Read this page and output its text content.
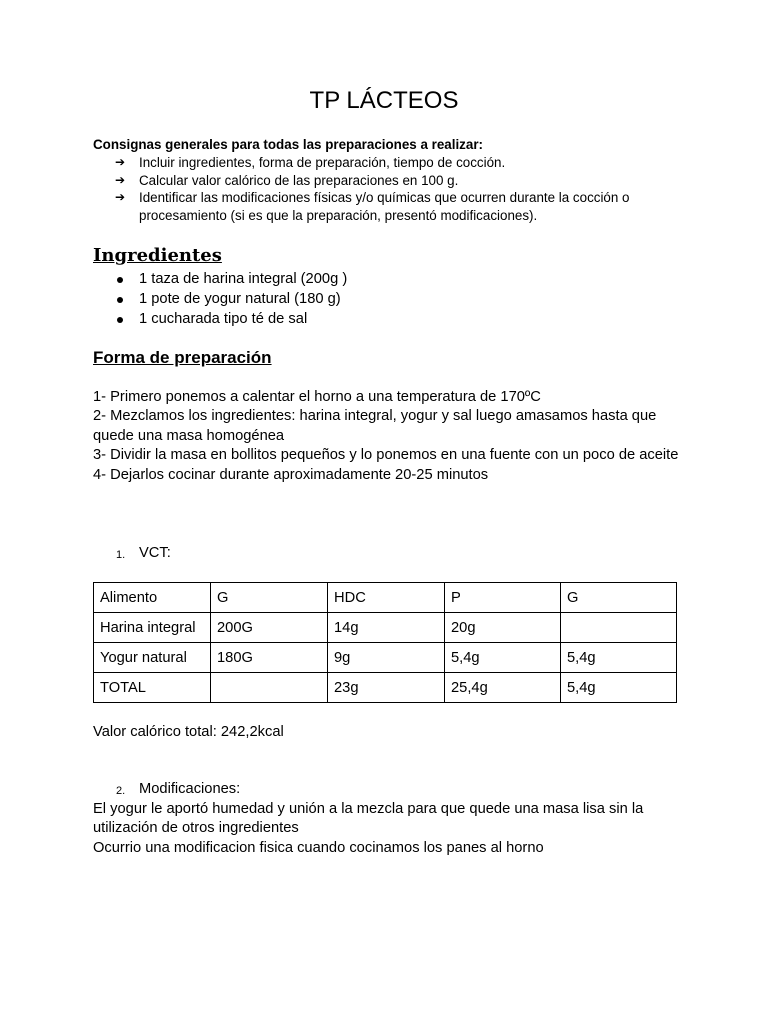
TP LÁCTEOS
Consignas generales para todas las preparaciones a realizar:
➔ Incluir ingredientes, forma de preparación, tiempo de cocción.
➔ Calcular valor calórico de las preparaciones en 100 g.
➔ Identificar las modificaciones físicas y/o químicas que ocurren durante la cocción o procesamiento (si es que la preparación, presentó modificaciones).
Ingredientes
1 taza de harina integral (200g )
1 pote de yogur natural (180 g)
1 cucharada tipo té de sal
Forma de preparación
1- Primero ponemos a calentar el horno a una temperatura de 170ºC
2- Mezclamos los ingredientes: harina integral, yogur y sal luego amasamos hasta que quede una masa homogénea
3- Dividir la masa en bollitos pequeños y lo ponemos en una fuente con un poco de aceite
4- Dejarlos cocinar durante aproximadamente 20-25 minutos
1. VCT:
Alimento	G	HDC	P	G
Harina integral	200G	14g	20g	
Yogur natural	180G	9g	5,4g	5,4g
TOTAL		23g	25,4g	5,4g
Valor calórico total: 242,2kcal
2. Modificaciones:
El yogur le aportó humedad y unión a la mezcla para que quede una masa lisa sin la utilización de otros ingredientes
Ocurrio una modificacion fisica cuando cocinamos los panes al horno
